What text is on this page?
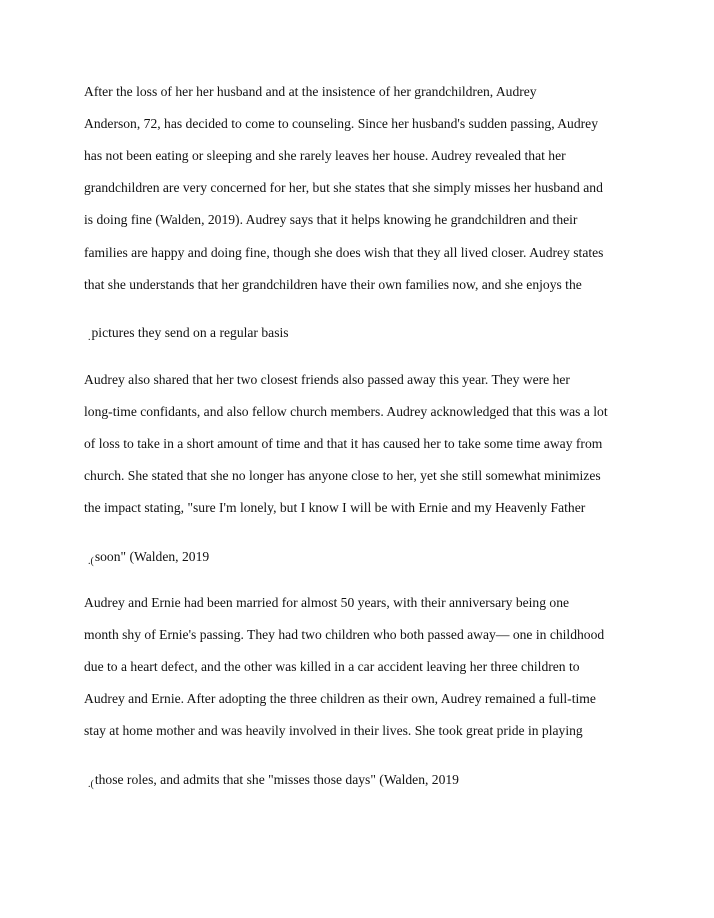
After the loss of her her husband and at the insistence of her grandchildren, Audrey

Anderson, 72, has decided to come to counseling. Since her husband's sudden passing, Audrey

has not been eating or sleeping and she rarely leaves her house. Audrey revealed that her

grandchildren are very concerned for her, but she states that she simply misses her husband and

is doing fine (Walden, 2019). Audrey says that it helps knowing he grandchildren and their

families are happy and doing fine, though she does wish that they all lived closer. Audrey states

that she understands that her grandchildren have their own families now, and she enjoys the

$_.$pictures they send on a regular basis

Audrey also shared that her two closest friends also passed away this year. They were her

long-time confidants, and also fellow church members. Audrey acknowledged that this was a lot

of loss to take in a short amount of time and that it has caused her to take some time away from

church. She stated that she no longer has anyone close to her, yet she still somewhat minimizes

the impact stating, "sure I'm lonely, but I know I will be with Ernie and my Heavenly Father

$_{.(}$soon" (Walden, 2019

Audrey and Ernie had been married for almost 50 years, with their anniversary being one

month shy of Ernie's passing. They had two children who both passed away— one in childhood

due to a heart defect, and the other was killed in a car accident leaving her three children to

Audrey and Ernie. After adopting the three children as their own, Audrey remained a full-time

stay at home mother and was heavily involved in their lives. She took great pride in playing

$_{.(}$those roles, and admits that she "misses those days" (Walden, 2019
